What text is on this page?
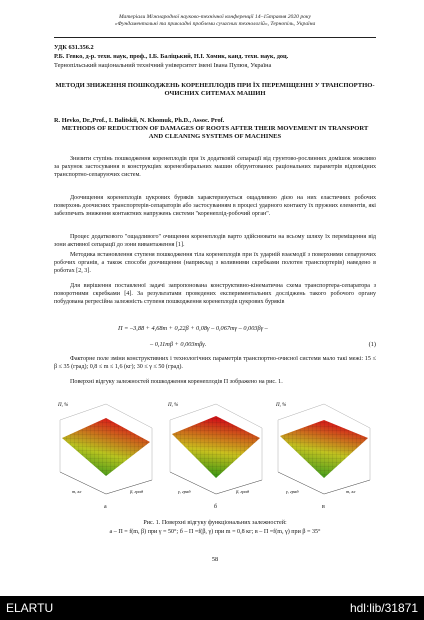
Матеріали Міжнародної науково-технічної конференції 14–15травня 2020 року
«Фундаментальні та прикладні проблеми сучасних технологій», Тернопіль, Україна
УДК 631.356.2
Р.Б. Гевко, д-р. техн. наук, проф., І.Б. Баліцький, Н.І. Хомик, канд. техн. наук, доц.
Тернопільський національний технічний університет імені Івана Пулюя, Україна
МЕТОДИ ЗНИЖЕННЯ ПОШКОДЖЕНЬ КОРЕНЕПЛОДІВ ПРИ ЇХ ПЕРЕМІЩЕННІ У ТРАНСПОРТНО-ОЧИСНИХ СИТЕМАХ МАШИН
R. Hevko, Dr.,Prof., I. Balitskii, N. Khomuk, Ph.D., Assoc. Prof.
METHODS OF REDUCTION OF DAMAGES OF ROOTS AFTER THEIR MOVEMENT IN TRANSPORT AND CLEANING SYSTEMS OF MACHINES
Знизити ступінь пошкодження коренеплодів при їх додатковій сепарації від грунтово-рослинних домішок можливо за рахунок застосування в конструкціях коренезбиральних машин обґрунтованих раціональних параметрів відповідних транспортно-сепаруючих систем.
Доочищення коренеплодів цукрових буряків характеризується ощадливою дією на них еластичних робочих поверхонь доочисних транспортерів-сепараторів або застосуванням в процесі ударного контакту їх пружних елементів, які забезпечать зниження контактних напружень системи "коренеплід-робочий орган".
Процес додаткового "ощадливого" очищення коренеплодів варто здійснювати на всьому шляху їх переміщення від зони активної сепарації до зони вивантаження [1].
Методика встановлення ступеня пошкодження тіла коренеплодів при їх ударній взаємодії з поверхнями сепаруючих робочих органів, а також способи доочищення (наприклад з коливними скребками полотен транспортерів) наведено в роботах [2, 3].
Для вирішення поставленої задачі запропонована конструктивно-кінематична схема транспортера-сепаратора з поворотними скребками [4]. За результатами проведених експериментальних досліджень такого робочого органу побудована регресійна залежність ступеня пошкодження коренеплодів цукрових буряків
П = –3,88 + 4,68m + 0,22β + 0,08γ – 0,067mγ – 0,003βγ –
– 0,11mβ + 0,003mβγ.	(1)
Факторне поле зміни конструктивних і технологічних параметрів транспортно-очисної системи мало такі межі: 15 ≤ β ≤ 35 (град); 0,8 ≤ m ≤ 1,6 (кг); 30 ≤ γ ≤ 50 (град).
Поверхні відгуку залежностей пошкодження коренеплодів П зображено на рис. 1.
П, %
m, кг	β, град
П, %
γ, град	β, град
П, %
γ, град	m, кг
а	б	в
Рис. 1. Поверхні відгуку функціональних залежностей:
а – П = f(m, β) при γ = 50°; б – П =f(β, γ) при m = 0,8 кг; в – П =f(m, γ) при β = 35°
58
ELARTU	hdl:lib/31871
